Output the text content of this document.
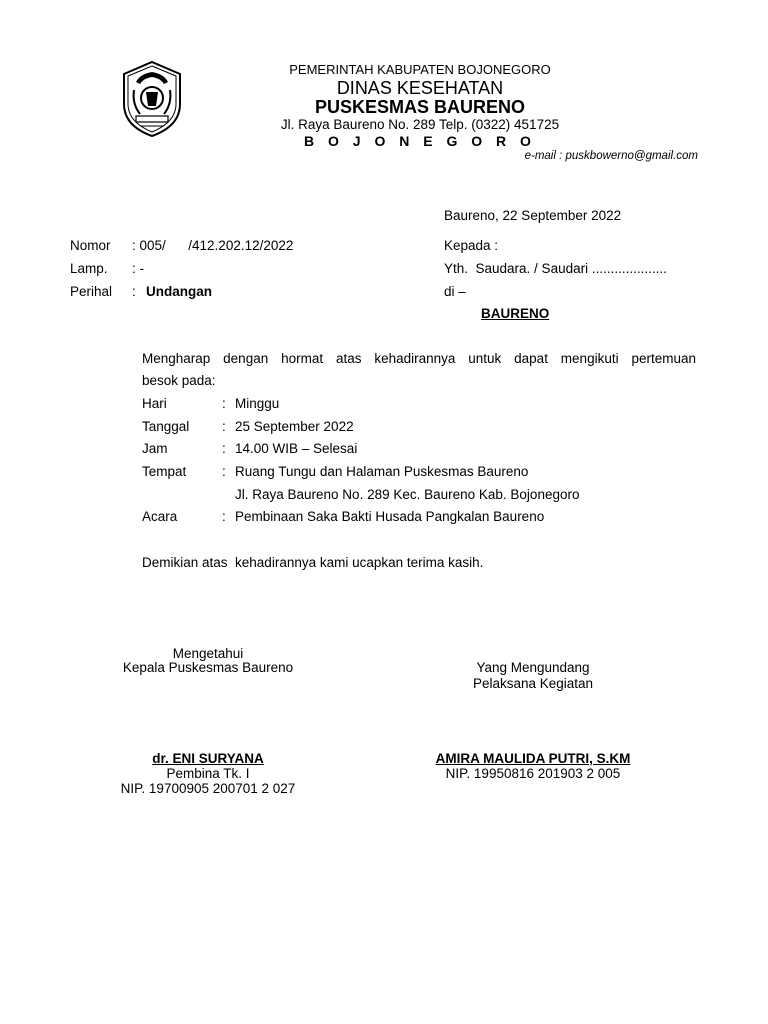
PEMERINTAH KABUPATEN BOJONEGORO
DINAS KESEHATAN
PUSKESMAS BAURENO
Jl. Raya Baureno No. 289 Telp. (0322) 451725
B O J O N E G O R O
e-mail : puskbowerno@gmail.com
Baureno, 22 September 2022
Nomor : 005/      /412.202.12/2022
Lamp. : -
Perihal : Undangan
Kepada :
Yth.  Saudara. / Saudari ....................
di –
BAURENO
Mengharap dengan hormat atas kehadirannya untuk dapat mengikuti pertemuan
besok pada:
Hari	: Minggu
Tanggal : 25 September 2022
Jam	: 14.00 WIB – Selesai
Tempat	: Ruang Tungu dan Halaman Puskesmas Baureno
Jl. Raya Baureno No. 289 Kec. Baureno Kab. Bojonegoro
Acara	: Pembinaan Saka Bakti Husada Pangkalan Baureno
Demikian atas  kehadirannya kami ucapkan terima kasih.
Mengetahui
Kepala Puskesmas Baureno
dr. ENI SURYANA
Pembina Tk. I
NIP. 19700905 200701 2 027
Yang Mengundang
Pelaksana Kegiatan
AMIRA MAULIDA PUTRI, S.KM
NIP. 19950816 201903 2 005
